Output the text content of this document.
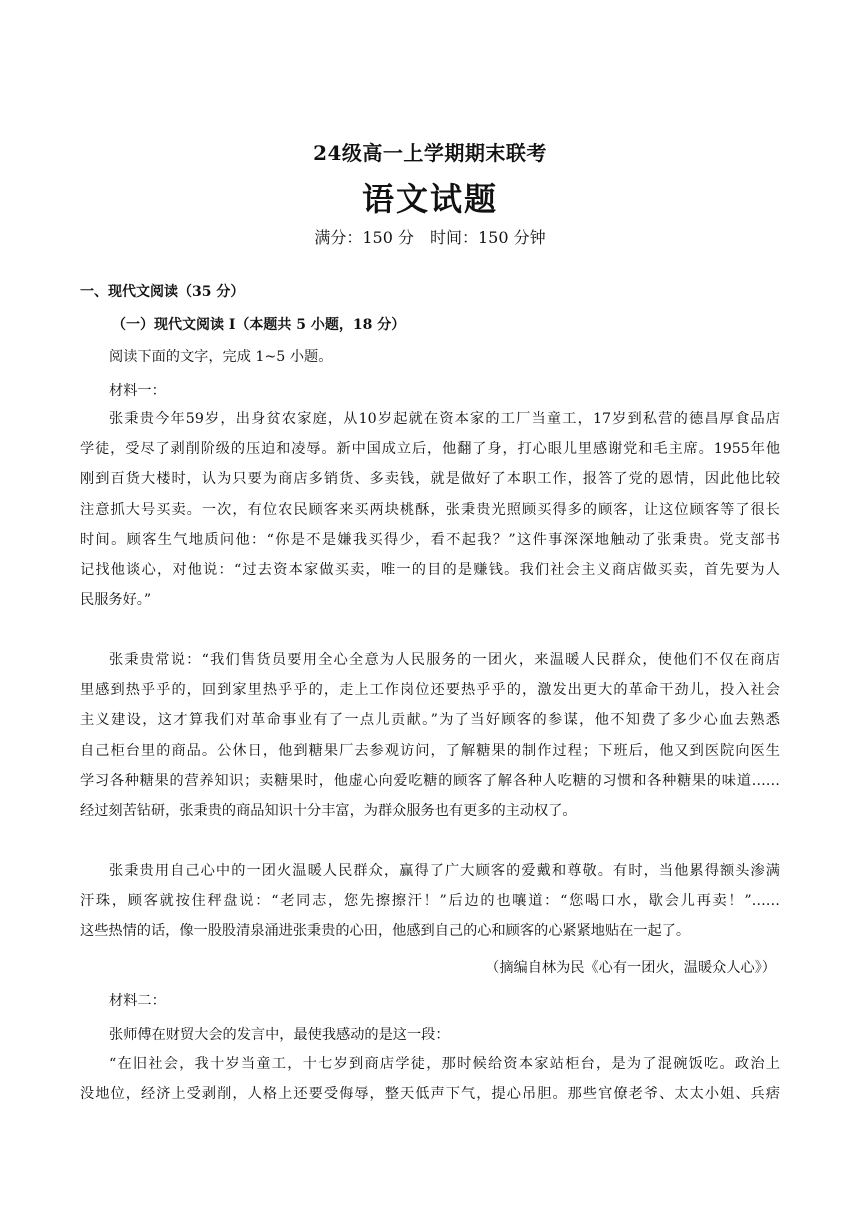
24级高一上学期期末联考
语文试题
满分：150 分　时间：150 分钟
一、现代文阅读（35 分）
（一）现代文阅读 I（本题共 5 小题，18 分）
阅读下面的文字，完成 1~5 小题。
材料一：
张秉贵今年59岁，出身贫农家庭，从10岁起就在资本家的工厂当童工，17岁到私营的德昌厚食品店
学徒，受尽了剥削阶级的压迫和凌辱。新中国成立后，他翻了身，打心眼儿里感谢党和毛主席。1955年他
刚到百货大楼时，认为只要为商店多销货、多卖钱，就是做好了本职工作，报答了党的恩情，因此他比较
注意抓大号买卖。一次，有位农民顾客来买两块桃酥，张秉贵光照顾买得多的顾客，让这位顾客等了很长
时间。顾客生气地质问他：“你是不是嫌我买得少，看不起我？”这件事深深地触动了张秉贵。党支部书
记找他谈心，对他说：“过去资本家做买卖，唯一的目的是赚钱。我们社会主义商店做买卖，首先要为人
民服务好。”
张秉贵常说：“我们售货员要用全心全意为人民服务的一团火，来温暖人民群众，使他们不仅在商店
里感到热乎乎的，回到家里热乎乎的，走上工作岗位还要热乎乎的，激发出更大的革命干劲儿，投入社会
主义建设，这才算我们对革命事业有了一点儿贡献。”为了当好顾客的参谋，他不知费了多少心血去熟悉
自己柜台里的商品。公休日，他到糖果厂去参观访问，了解糖果的制作过程；下班后，他又到医院向医生
学习各种糖果的营养知识；卖糖果时，他虚心向爱吃糖的顾客了解各种人吃糖的习惯和各种糖果的味道……
经过刻苦钻研，张秉贵的商品知识十分丰富，为群众服务也有更多的主动权了。
张秉贵用自己心中的一团火温暖人民群众，赢得了广大顾客的爱戴和尊敬。有时，当他累得额头渗满
汗珠，顾客就按住秤盘说：“老同志，您先擦擦汗！”后边的也嚷道：“您喝口水，歇会儿再卖！”……
这些热情的话，像一股股清泉涌进张秉贵的心田，他感到自己的心和顾客的心紧紧地贴在一起了。
（摘编自林为民《心有一团火，温暖众人心》）
材料二：
张师傅在财贸大会的发言中，最使我感动的是这一段：
“在旧社会，我十岁当童工，十七岁到商店学徒，那时候给资本家站柜台，是为了混碗饭吃。政治上
没地位，经济上受剥削，人格上还要受侮辱，整天低声下气，提心吊胆。那些官僚老爷、太太小姐、兵痞
